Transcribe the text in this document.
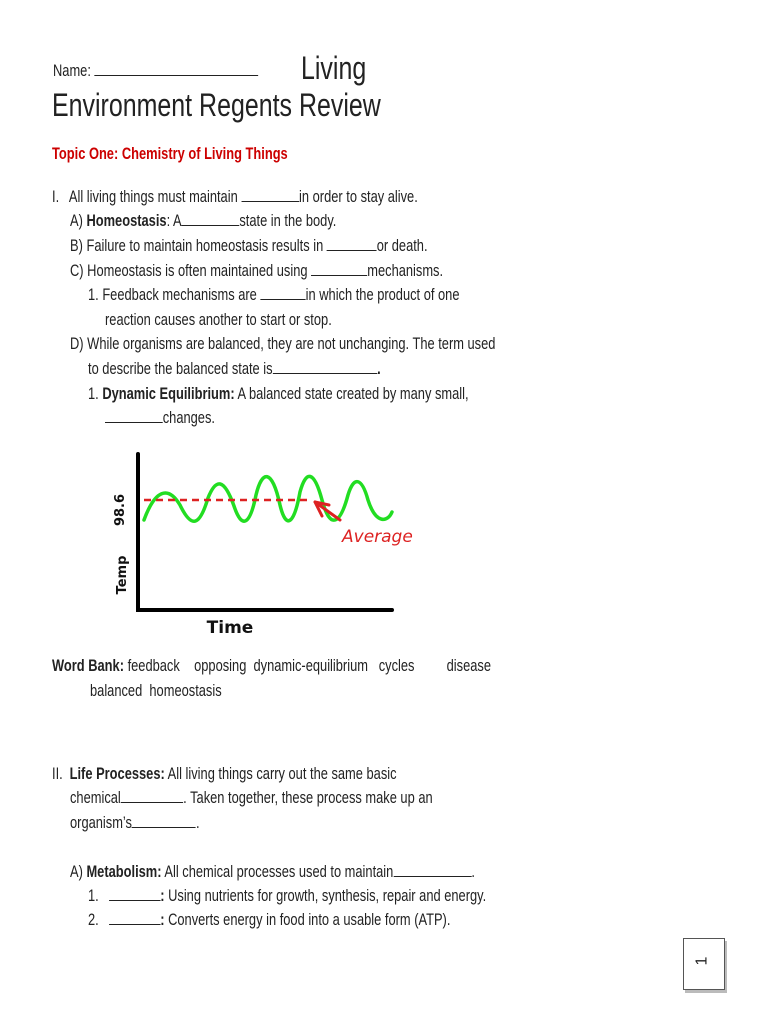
Name:	Living
Environment Regents Review
Topic One: Chemistry of Living Things
I. All living things must maintain	in order to stay alive.
A) Homeostasis: A	state in the body.
B) Failure to maintain homeostasis results in	or death.
C) Homeostasis is often maintained using	mechanisms.
1. Feedback mechanisms are	in which the product of one
reaction causes another to start or stop.
D) While organisms are balanced, they are not unchanging. The term used
to describe the balanced state is	.
1. Dynamic Equilibrium: A balanced state created by many small,
changes.
Average
98.6
Temp
Time
Word Bank: feedback opposing dynamic-equilibrium cycles disease
balanced homeostasis
II. Life Processes: All living things carry out the same basic
chemical	. Taken together, these process make up an
organism’s	.
A) Metabolism: All chemical processes used to maintain	.
1.	: Using nutrients for growth, synthesis, repair and energy.
2.	: Converts energy in food into a usable form (ATP).
1
